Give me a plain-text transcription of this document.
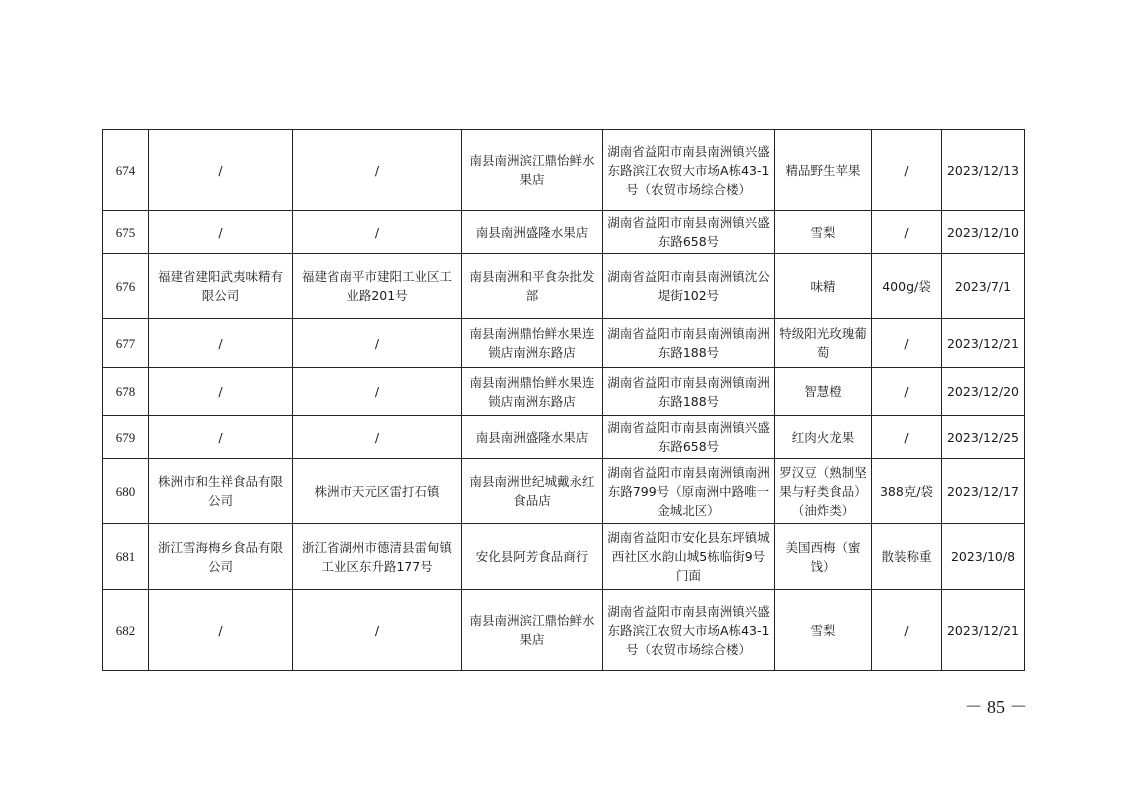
674	/	/	南县南洲滨江鼎怡鲜水果店	湖南省益阳市南县南洲镇兴盛东路滨江农贸大市场A栋43-1号（农贸市场综合楼）	精品野生苹果	/	2023/12/13
675	/	/	南县南洲盛隆水果店	湖南省益阳市南县南洲镇兴盛东路658号	雪梨	/	2023/12/10
676	福建省建阳武夷味精有限公司	福建省南平市建阳工业区工业路201号	南县南洲和平食杂批发部	湖南省益阳市南县南洲镇沈公堤街102号	味精	400g/袋	2023/7/1
677	/	/	南县南洲鼎怡鲜水果连锁店南洲东路店	湖南省益阳市南县南洲镇南洲东路188号	特级阳光玫瑰葡萄	/	2023/12/21
678	/	/	南县南洲鼎怡鲜水果连锁店南洲东路店	湖南省益阳市南县南洲镇南洲东路188号	智慧橙	/	2023/12/20
679	/	/	南县南洲盛隆水果店	湖南省益阳市南县南洲镇兴盛东路658号	红肉火龙果	/	2023/12/25
680	株洲市和生祥食品有限公司	株洲市天元区雷打石镇	南县南洲世纪城戴永红食品店	湖南省益阳市南县南洲镇南洲东路799号（原南洲中路唯一金城北区）	罗汉豆（熟制坚果与籽类食品）（油炸类）	388克/袋	2023/12/17
681	浙江雪海梅乡食品有限公司	浙江省湖州市德清县雷甸镇工业区东升路177号	安化县阿芳食品商行	湖南省益阳市安化县东坪镇城西社区水韵山城5栋临街9号门面	美国西梅（蜜饯）	散装称重	2023/10/8
682	/	/	南县南洲滨江鼎怡鲜水果店	湖南省益阳市南县南洲镇兴盛东路滨江农贸大市场A栋43-1号（农贸市场综合楼）	雪梨	/	2023/12/21
－ 85 －
